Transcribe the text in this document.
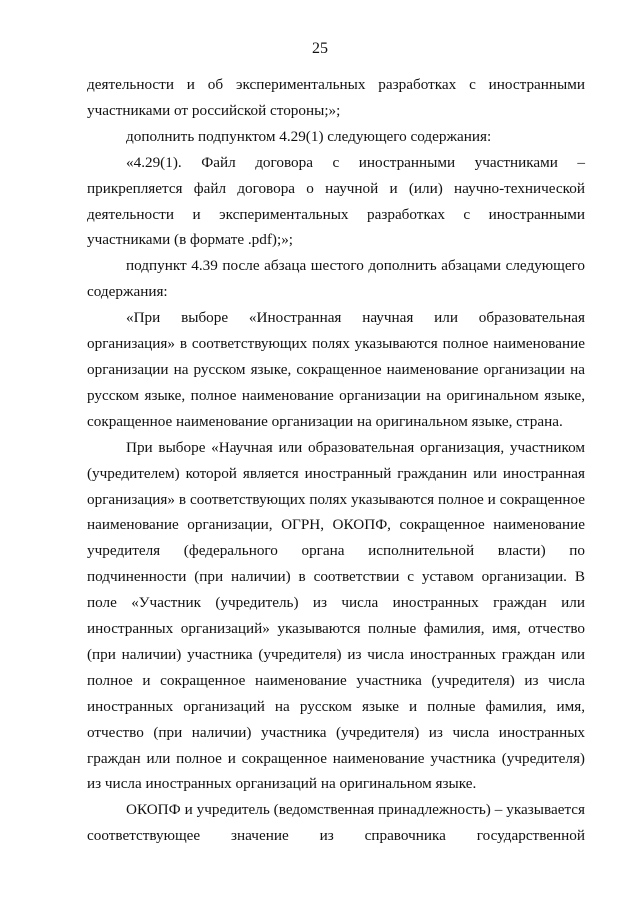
25

деятельности и об экспериментальных разработках с иностранными участниками от российской стороны;»;

дополнить подпунктом 4.29(1) следующего содержания:

«4.29(1). Файл договора с иностранными участниками – прикрепляется файл договора о научной и (или) научно-технической деятельности и экспериментальных разработках с иностранными участниками (в формате .pdf);»;

подпункт 4.39 после абзаца шестого дополнить абзацами следующего содержания:

«При выборе «Иностранная научная или образовательная организация» в соответствующих полях указываются полное наименование организации на русском языке, сокращенное наименование организации на русском языке, полное наименование организации на оригинальном языке, сокращенное наименование организации на оригинальном языке, страна.

При выборе «Научная или образовательная организация, участником (учредителем) которой является иностранный гражданин или иностранная организация» в соответствующих полях указываются полное и сокращенное наименование организации, ОГРН, ОКОПФ, сокращенное наименование учредителя (федерального органа исполнительной власти) по подчиненности (при наличии) в соответствии с уставом организации. В поле «Участник (учредитель) из числа иностранных граждан или иностранных организаций» указываются полные фамилия, имя, отчество (при наличии) участника (учредителя) из числа иностранных граждан или полное и сокращенное наименование участника (учредителя) из числа иностранных организаций на русском языке и полные фамилия, имя, отчество (при наличии) участника (учредителя) из числа иностранных граждан или полное и сокращенное наименование участника (учредителя) из числа иностранных организаций на оригинальном языке.

ОКОПФ и учредитель (ведомственная принадлежность) – указывается соответствующее значение из справочника государственной
